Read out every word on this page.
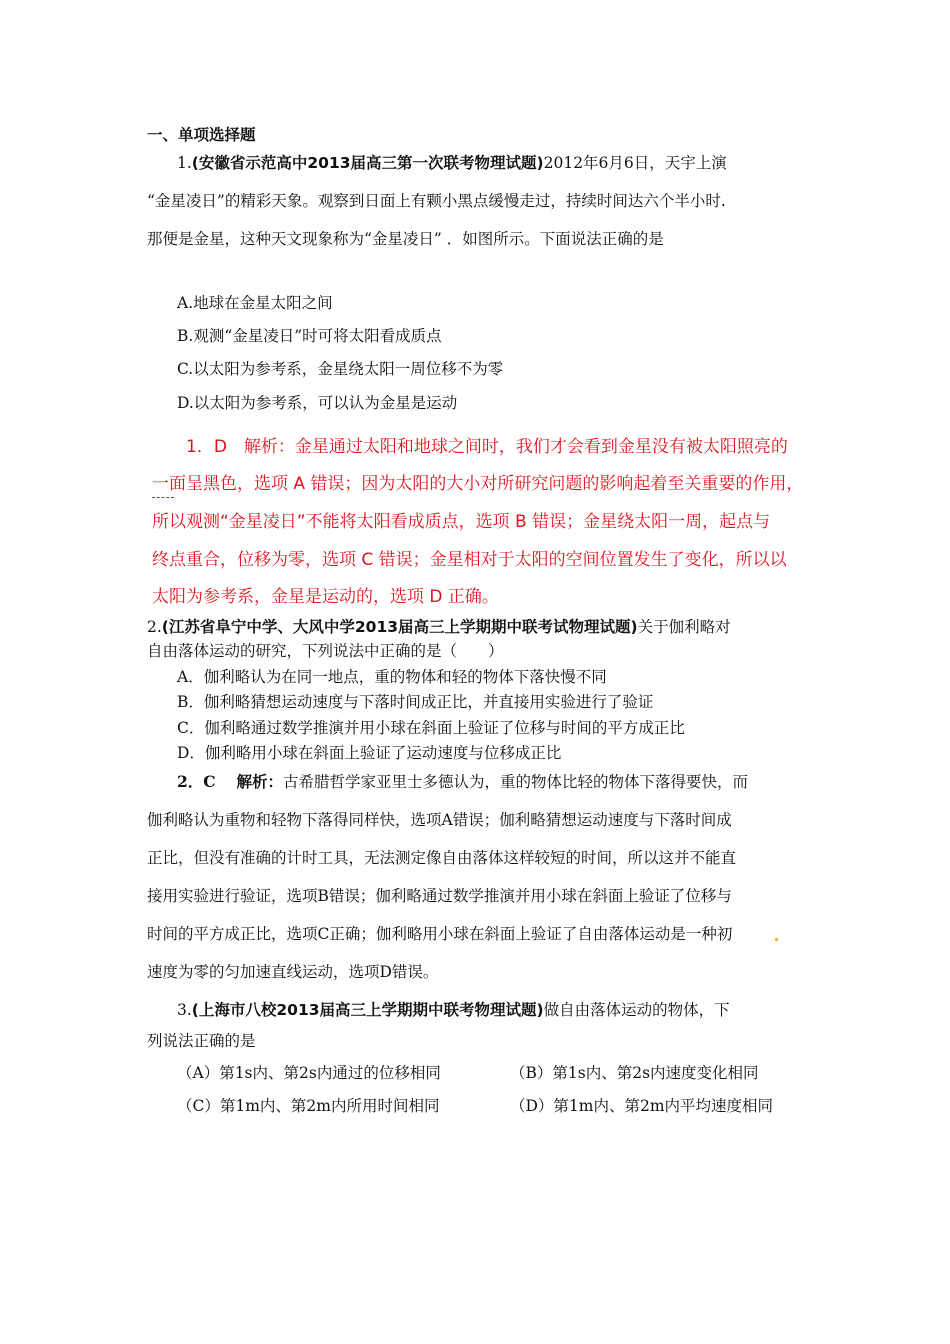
一、单项选择题
1.(安徽省示范高中2013届高三第一次联考物理试题)2012年6月6日，天宇上演
“金星凌日”的精彩天象。观察到日面上有颗小黑点缓慢走过，持续时间达六个半小时.
那便是金星，这种天文现象称为“金星凌日” ．如图所示。下面说法正确的是
A.地球在金星太阳之间
B.观测“金星凌日”时可将太阳看成质点
C.以太阳为参考系，金星绕太阳一周位移不为零
D.以太阳为参考系，可以认为金星是运动
1．D　解析：金星通过太阳和地球之间时，我们才会看到金星没有被太阳照亮的
一面呈黑色，选项 A 错误；因为太阳的大小对所研究问题的影响起着至关重要的作用，
所以观测“金星凌日”不能将太阳看成质点，选项 B 错误；金星绕太阳一周，起点与
终点重合，位移为零，选项 C 错误；金星相对于太阳的空间位置发生了变化，所以以
太阳为参考系，金星是运动的，选项 D 正确。
2.(江苏省阜宁中学、大风中学2013届高三上学期期中联考试物理试题)关于伽利略对
自由落体运动的研究，下列说法中正确的是（　　）
A．伽利略认为在同一地点，重的物体和轻的物体下落快慢不同
B．伽利略猜想运动速度与下落时间成正比，并直接用实验进行了验证
C．伽利略通过数学推演并用小球在斜面上验证了位移与时间的平方成正比
D．伽利略用小球在斜面上验证了运动速度与位移成正比
2．C　 解析：古希腊哲学家亚里士多德认为，重的物体比轻的物体下落得要快，而
伽利略认为重物和轻物下落得同样快，选项A错误；伽利略猜想运动速度与下落时间成
正比，但没有准确的计时工具，无法测定像自由落体这样较短的时间，所以这并不能直
接用实验进行验证，选项B错误；伽利略通过数学推演并用小球在斜面上验证了位移与
时间的平方成正比，选项C正确；伽利略用小球在斜面上验证了自由落体运动是一种初
速度为零的匀加速直线运动，选项D错误。
3.(上海市八校2013届高三上学期期中联考物理试题)做自由落体运动的物体，下
列说法正确的是
（A）第1s内、第2s内通过的位移相同	（B）第1s内、第2s内速度变化相同
（C）第1m内、第2m内所用时间相同	（D）第1m内、第2m内平均速度相同
